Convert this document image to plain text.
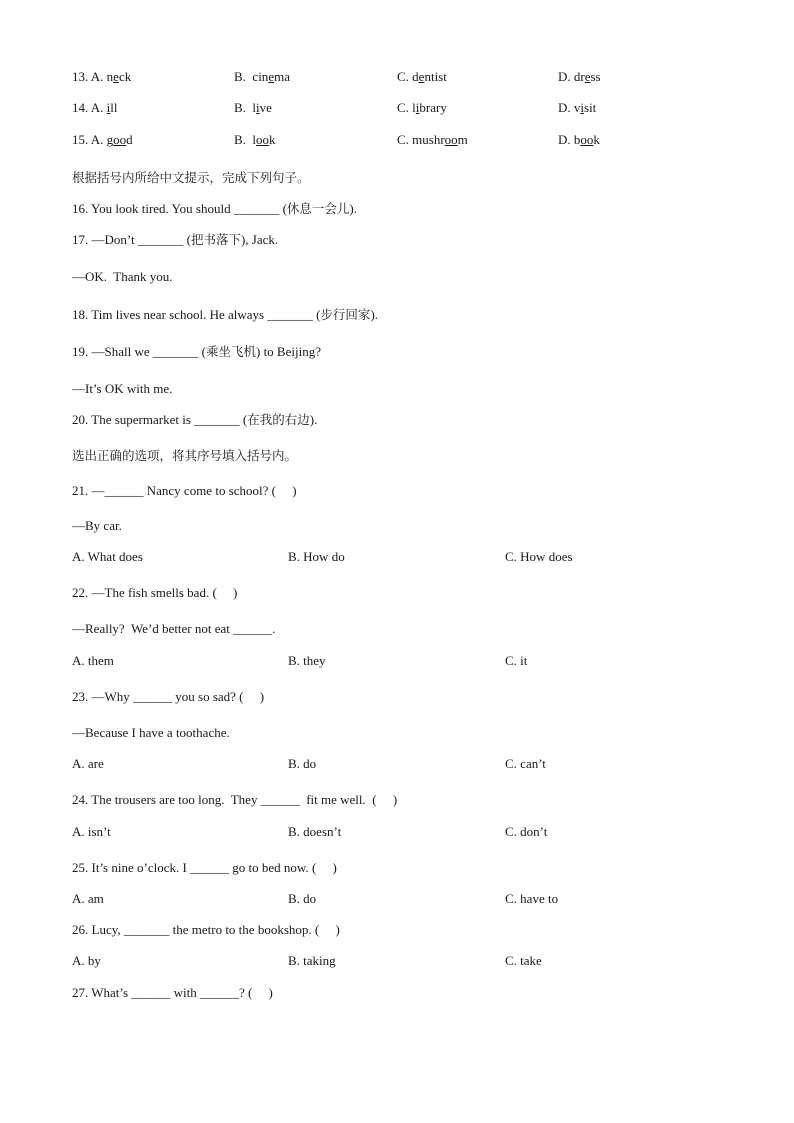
13. A. neck	B.  cinema	C. dentist	D. dress
14. A. ill	B.  live	C. library	D. visit
15. A. good	B.  look	C. mushroom	D. book
根据括号内所给中文提示，完成下列句子。
16. You look tired. You should _______ (休息一会儿).
17. —Don’t _______ (把书落下), Jack.
—OK.  Thank you.
18. Tim lives near school. He always _______ (步行回家).
19. —Shall we _______ (乘坐飞机) to Beijing?
—It’s OK with me.
20. The supermarket is _______ (在我的右边).
选出正确的选项，将其序号填入括号内。
21. —______ Nancy come to school? (     )
—By car.
A. What does	B. How do	C. How does
22. —The fish smells bad. (     )
—Really?  We’d better not eat ______.
A. them	B. they	C. it
23. —Why ______ you so sad? (     )
—Because I have a toothache.
A. are	B. do	C. can’t
24. The trousers are too long.  They ______  fit me well.  (     )
A. isn’t	B. doesn’t	C. don’t
25. It’s nine o’clock. I ______ go to bed now. (     )
A. am	B. do	C. have to
26. Lucy, _______ the metro to the bookshop. (     )
A. by	B. taking	C. take
27. What’s ______ with ______? (     )
